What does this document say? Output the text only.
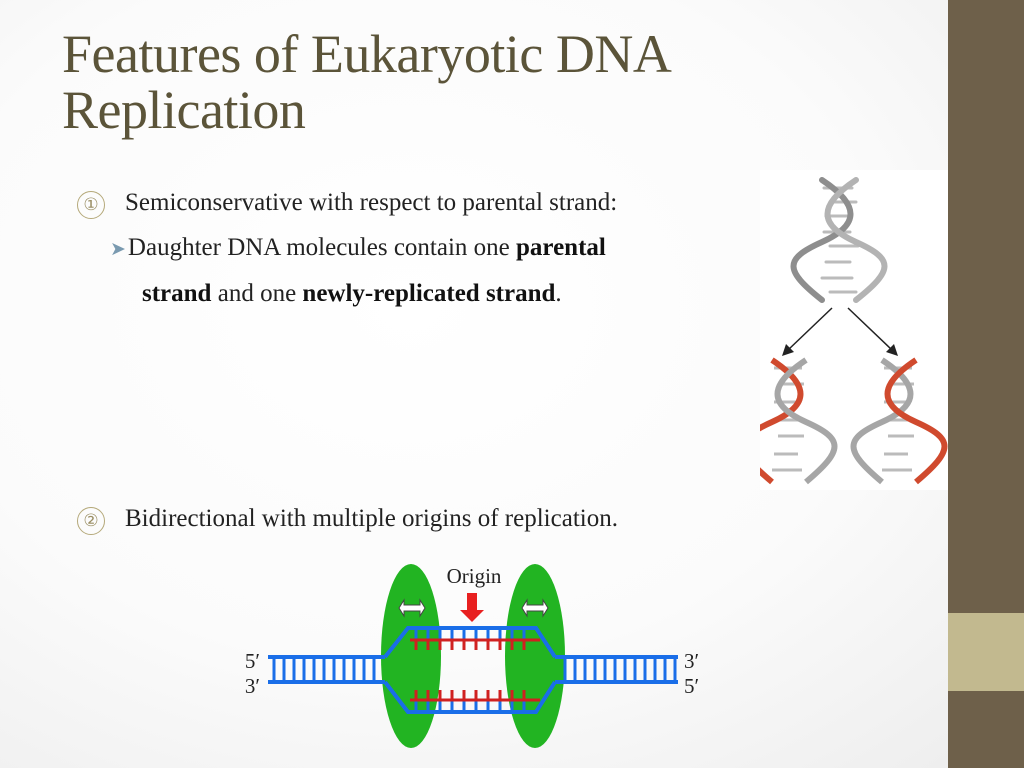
Features of Eukaryotic DNA Replication
① Semiconservative with respect to parental strand:
➤Daughter DNA molecules contain one parental
strand and one newly-replicated strand.
② Bidirectional with multiple origins of replication.
Origin
5′
3′
3′
5′
